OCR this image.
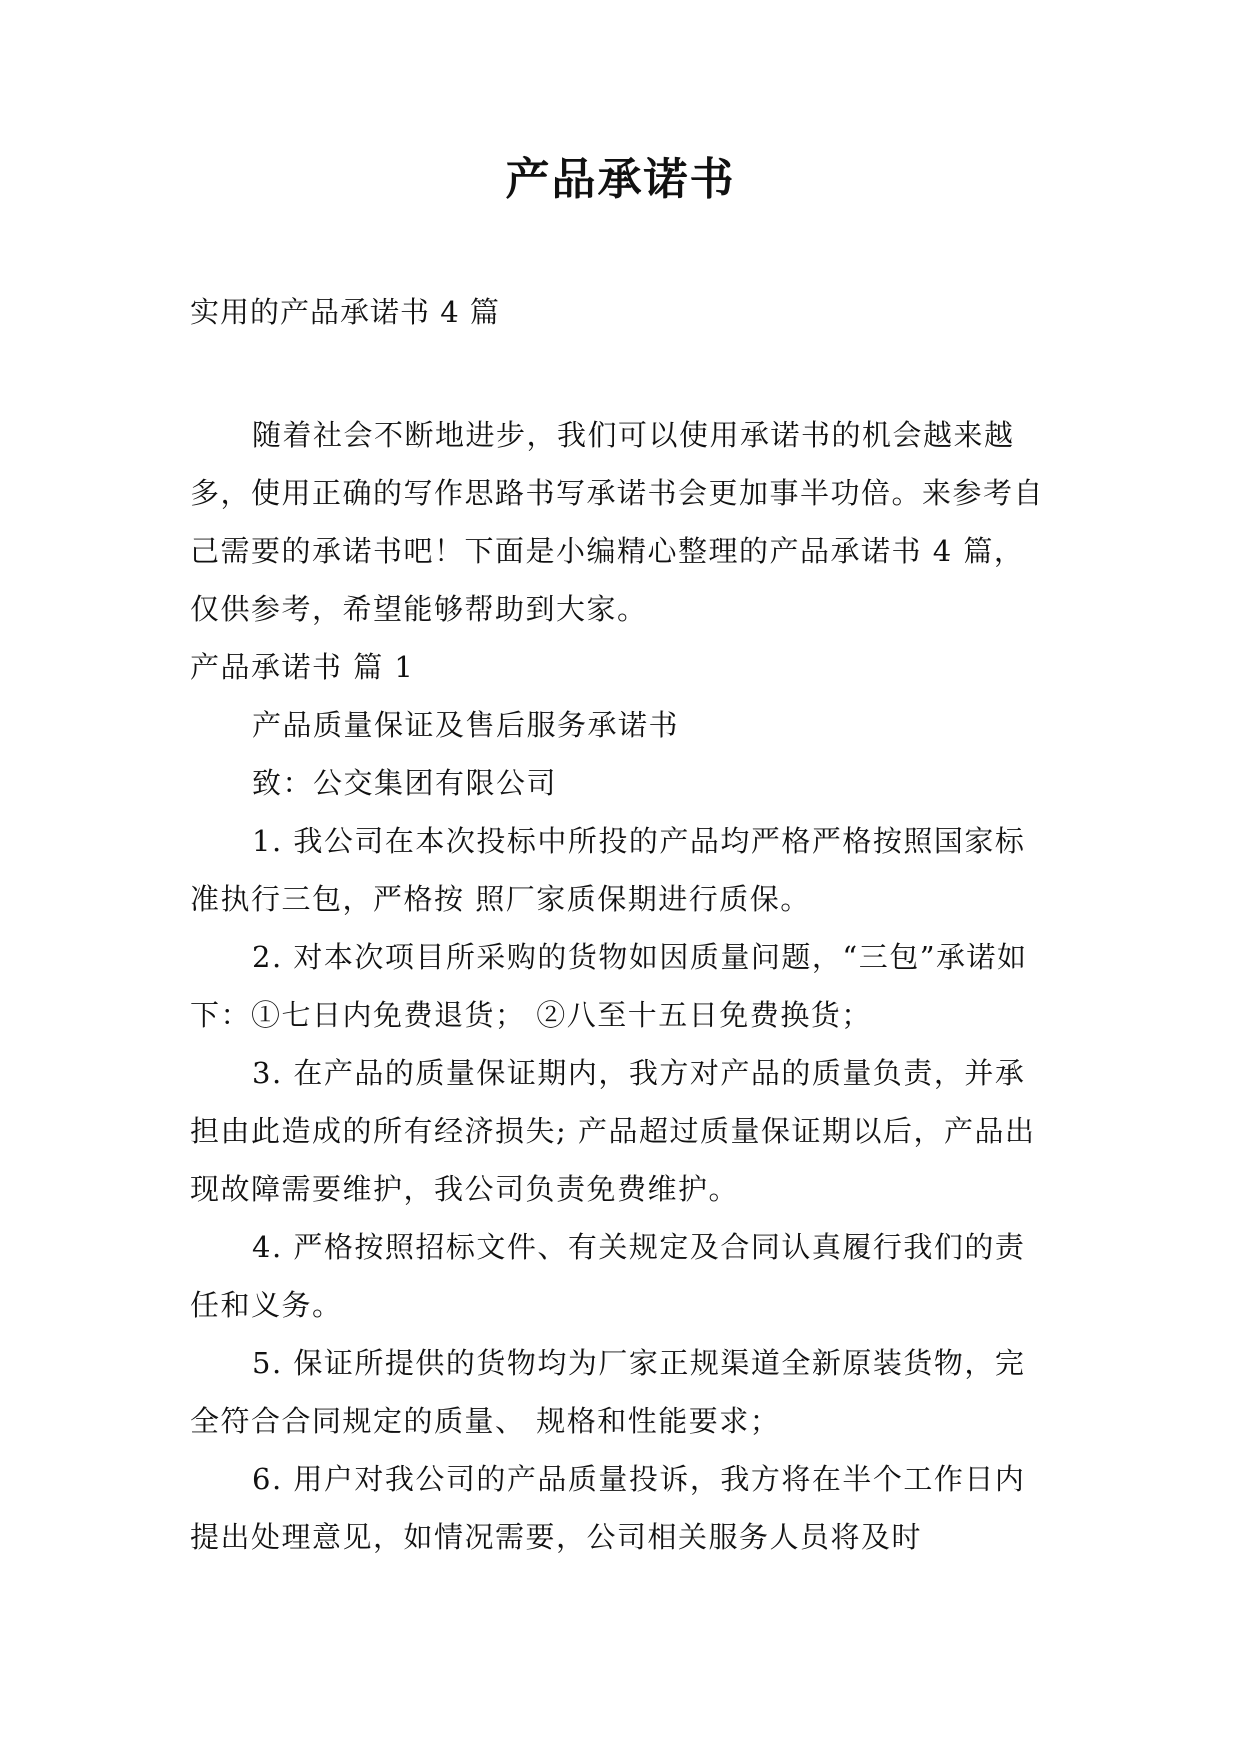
产品承诺书
实用的产品承诺书 4 篇

随着社会不断地进步，我们可以使用承诺书的机会越来越多，使用正确的写作思路书写承诺书会更加事半功倍。来参考自己需要的承诺书吧！下面是小编精心整理的产品承诺书 4 篇，仅供参考，希望能够帮助到大家。

产品承诺书 篇 1

产品质量保证及售后服务承诺书

致：公交集团有限公司

1. 我公司在本次投标中所投的产品均严格严格按照国家标准执行三包，严格按 照厂家质保期进行质保。

2. 对本次项目所采购的货物如因质量问题，“三包”承诺如下：①七日内免费退货； ②八至十五日免费换货；

3. 在产品的质量保证期内，我方对产品的质量负责，并承担由此造成的所有经济损失; 产品超过质量保证期以后，产品出现故障需要维护，我公司负责免费维护。

4. 严格按照招标文件、有关规定及合同认真履行我们的责任和义务。

5. 保证所提供的货物均为厂家正规渠道全新原装货物，完全符合合同规定的质量、 规格和性能要求；

6. 用户对我公司的产品质量投诉，我方将在半个工作日内提出处理意见，如情况需要，公司相关服务人员将及时
